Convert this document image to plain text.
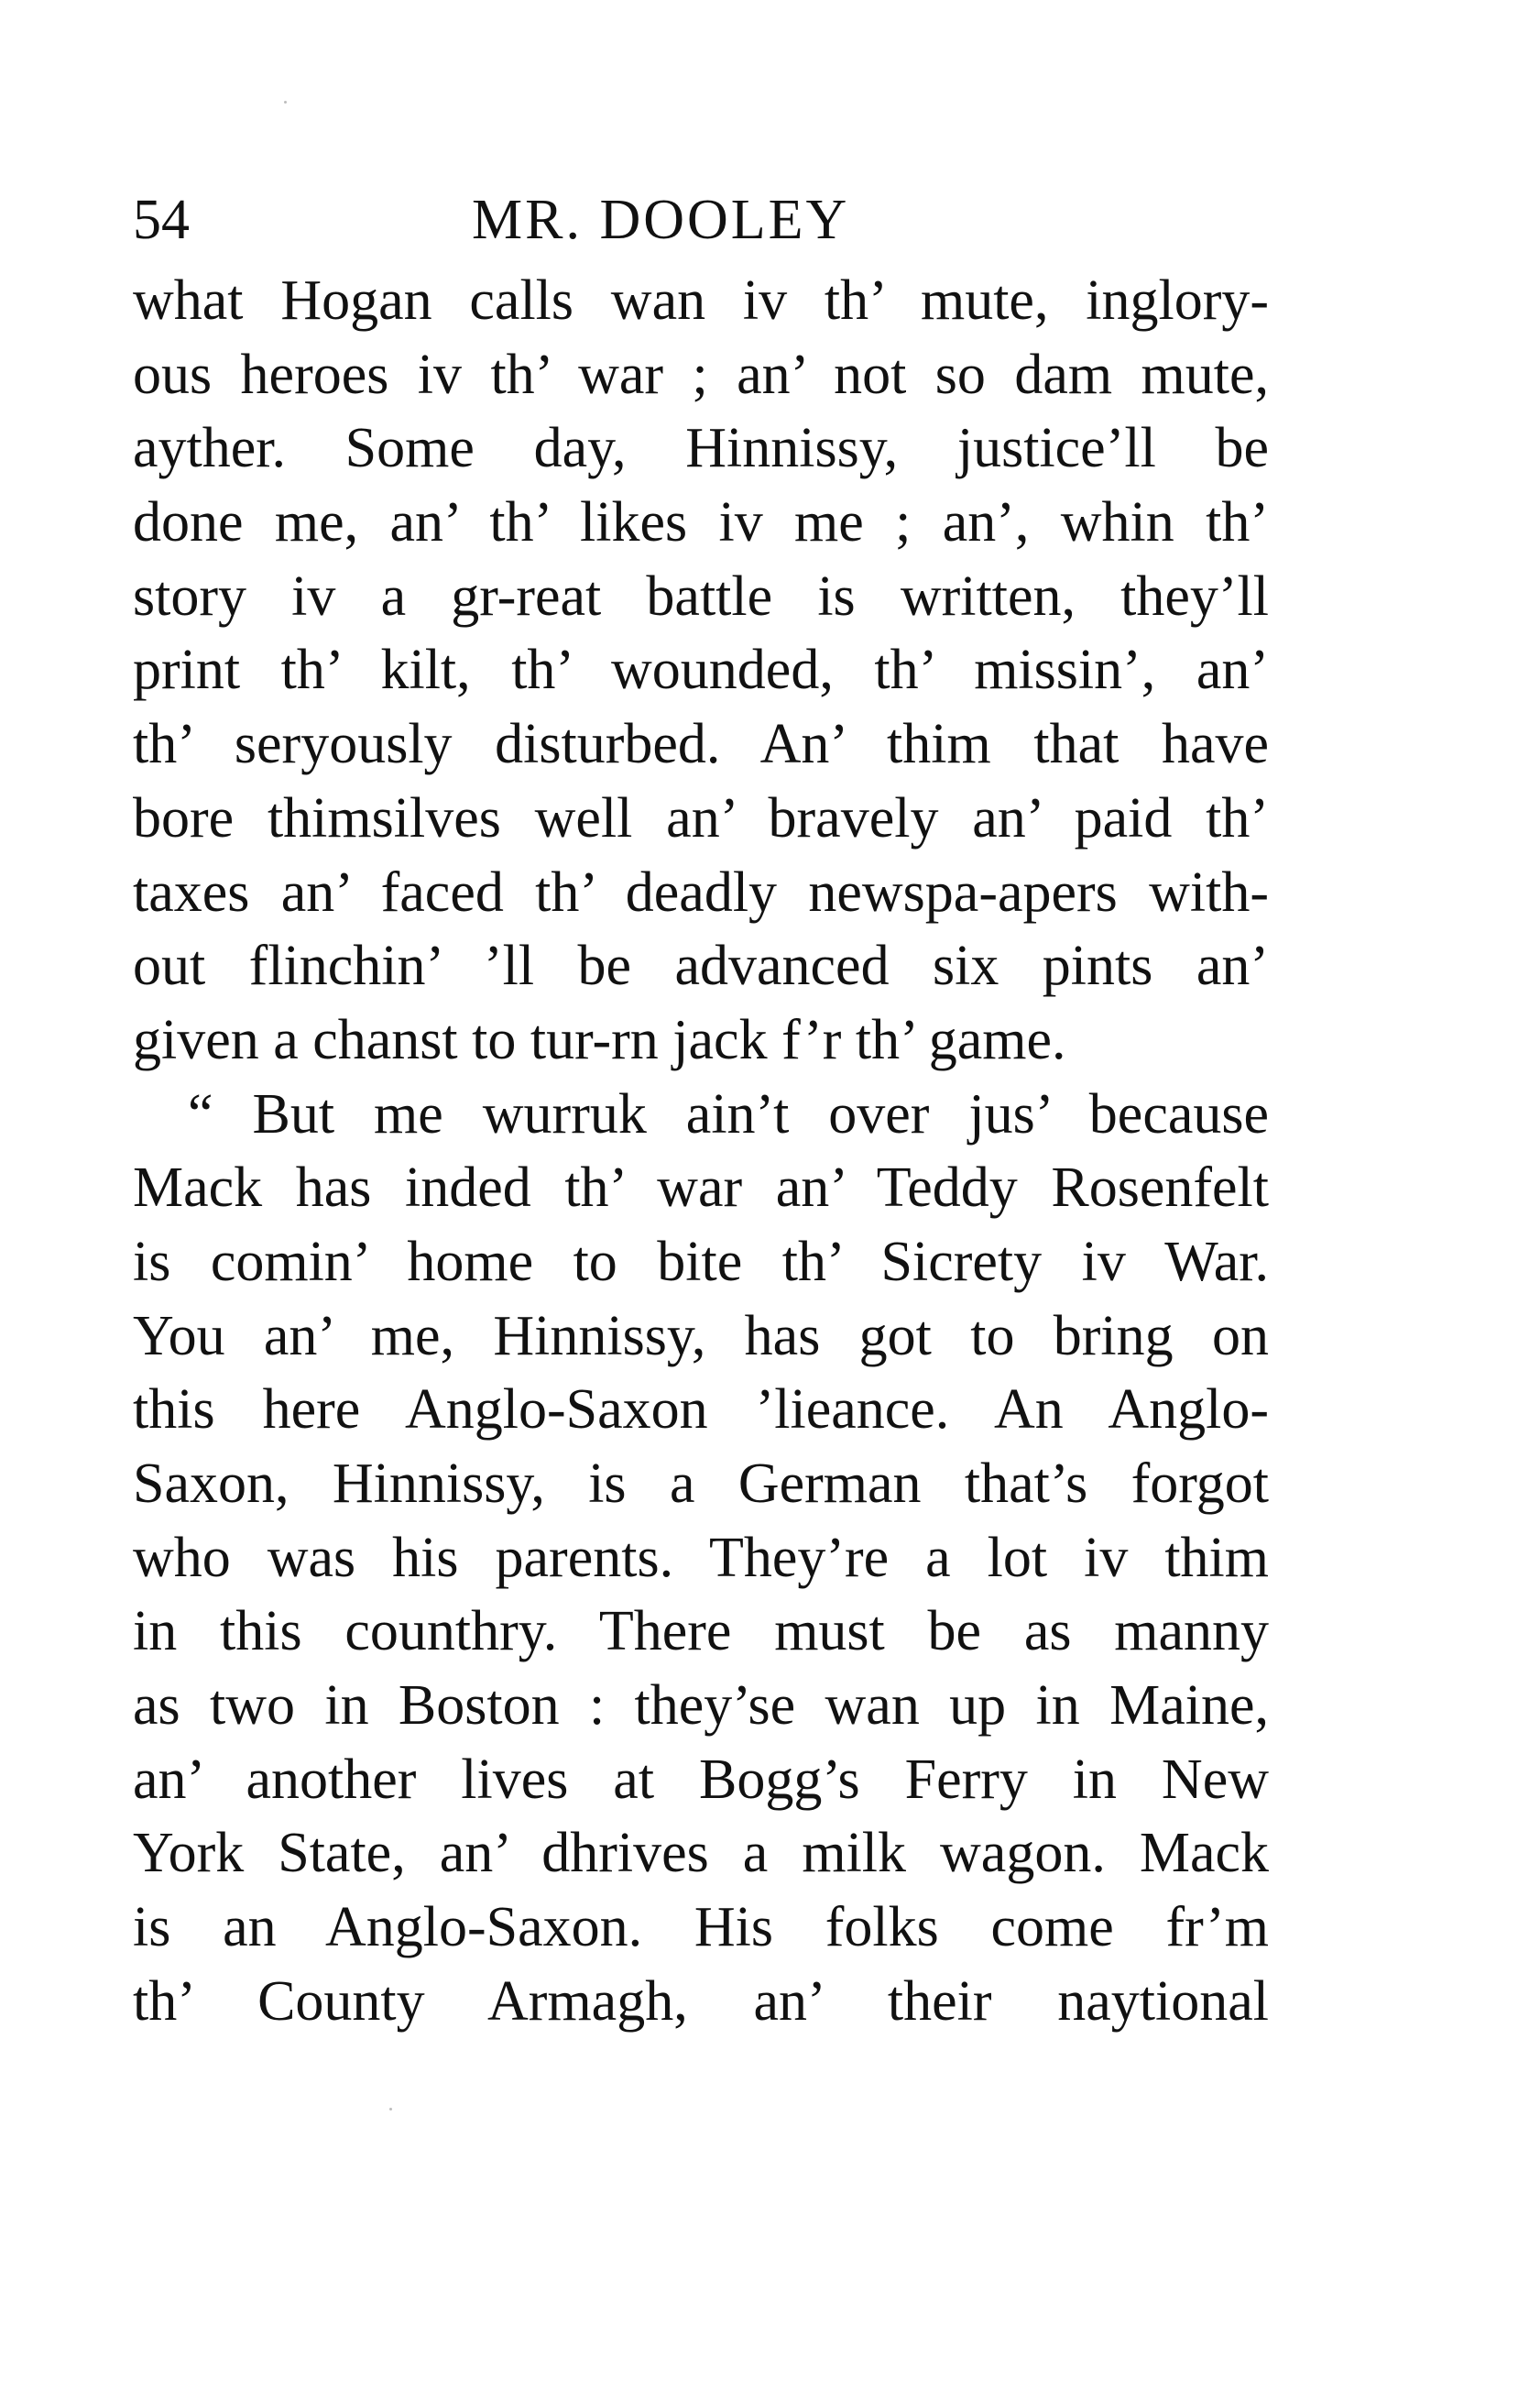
54	MR. DOOLEY
what Hogan calls wan iv th’ mute, inglory-
ous heroes iv th’ war ; an’ not so dam mute,
ayther. Some day, Hinnissy, justice’ll be
done me, an’ th’ likes iv me ; an’, whin th’
story iv a gr-reat battle is written, they’ll
print th’ kilt, th’ wounded, th’ missin’, an’
th’ seryously disturbed. An’ thim that have
bore thimsilves well an’ bravely an’ paid th’
taxes an’ faced th’ deadly newspa-apers with-
out flinchin’ ’ll be advanced six pints an’
given a chanst to tur-rn jack f’r th’ game.
“ But me wurruk ain’t over jus’ because
Mack has inded th’ war an’ Teddy Rosenfelt
is comin’ home to bite th’ Sicrety iv War.
You an’ me, Hinnissy, has got to bring on
this here Anglo-Saxon ’lieance. An Anglo-
Saxon, Hinnissy, is a German that’s forgot
who was his parents. They’re a lot iv thim
in this counthry. There must be as manny
as two in Boston : they’se wan up in Maine,
an’ another lives at Bogg’s Ferry in New
York State, an’ dhrives a milk wagon. Mack
is an Anglo-Saxon. His folks come fr’m
th’ County Armagh, an’ their naytional
